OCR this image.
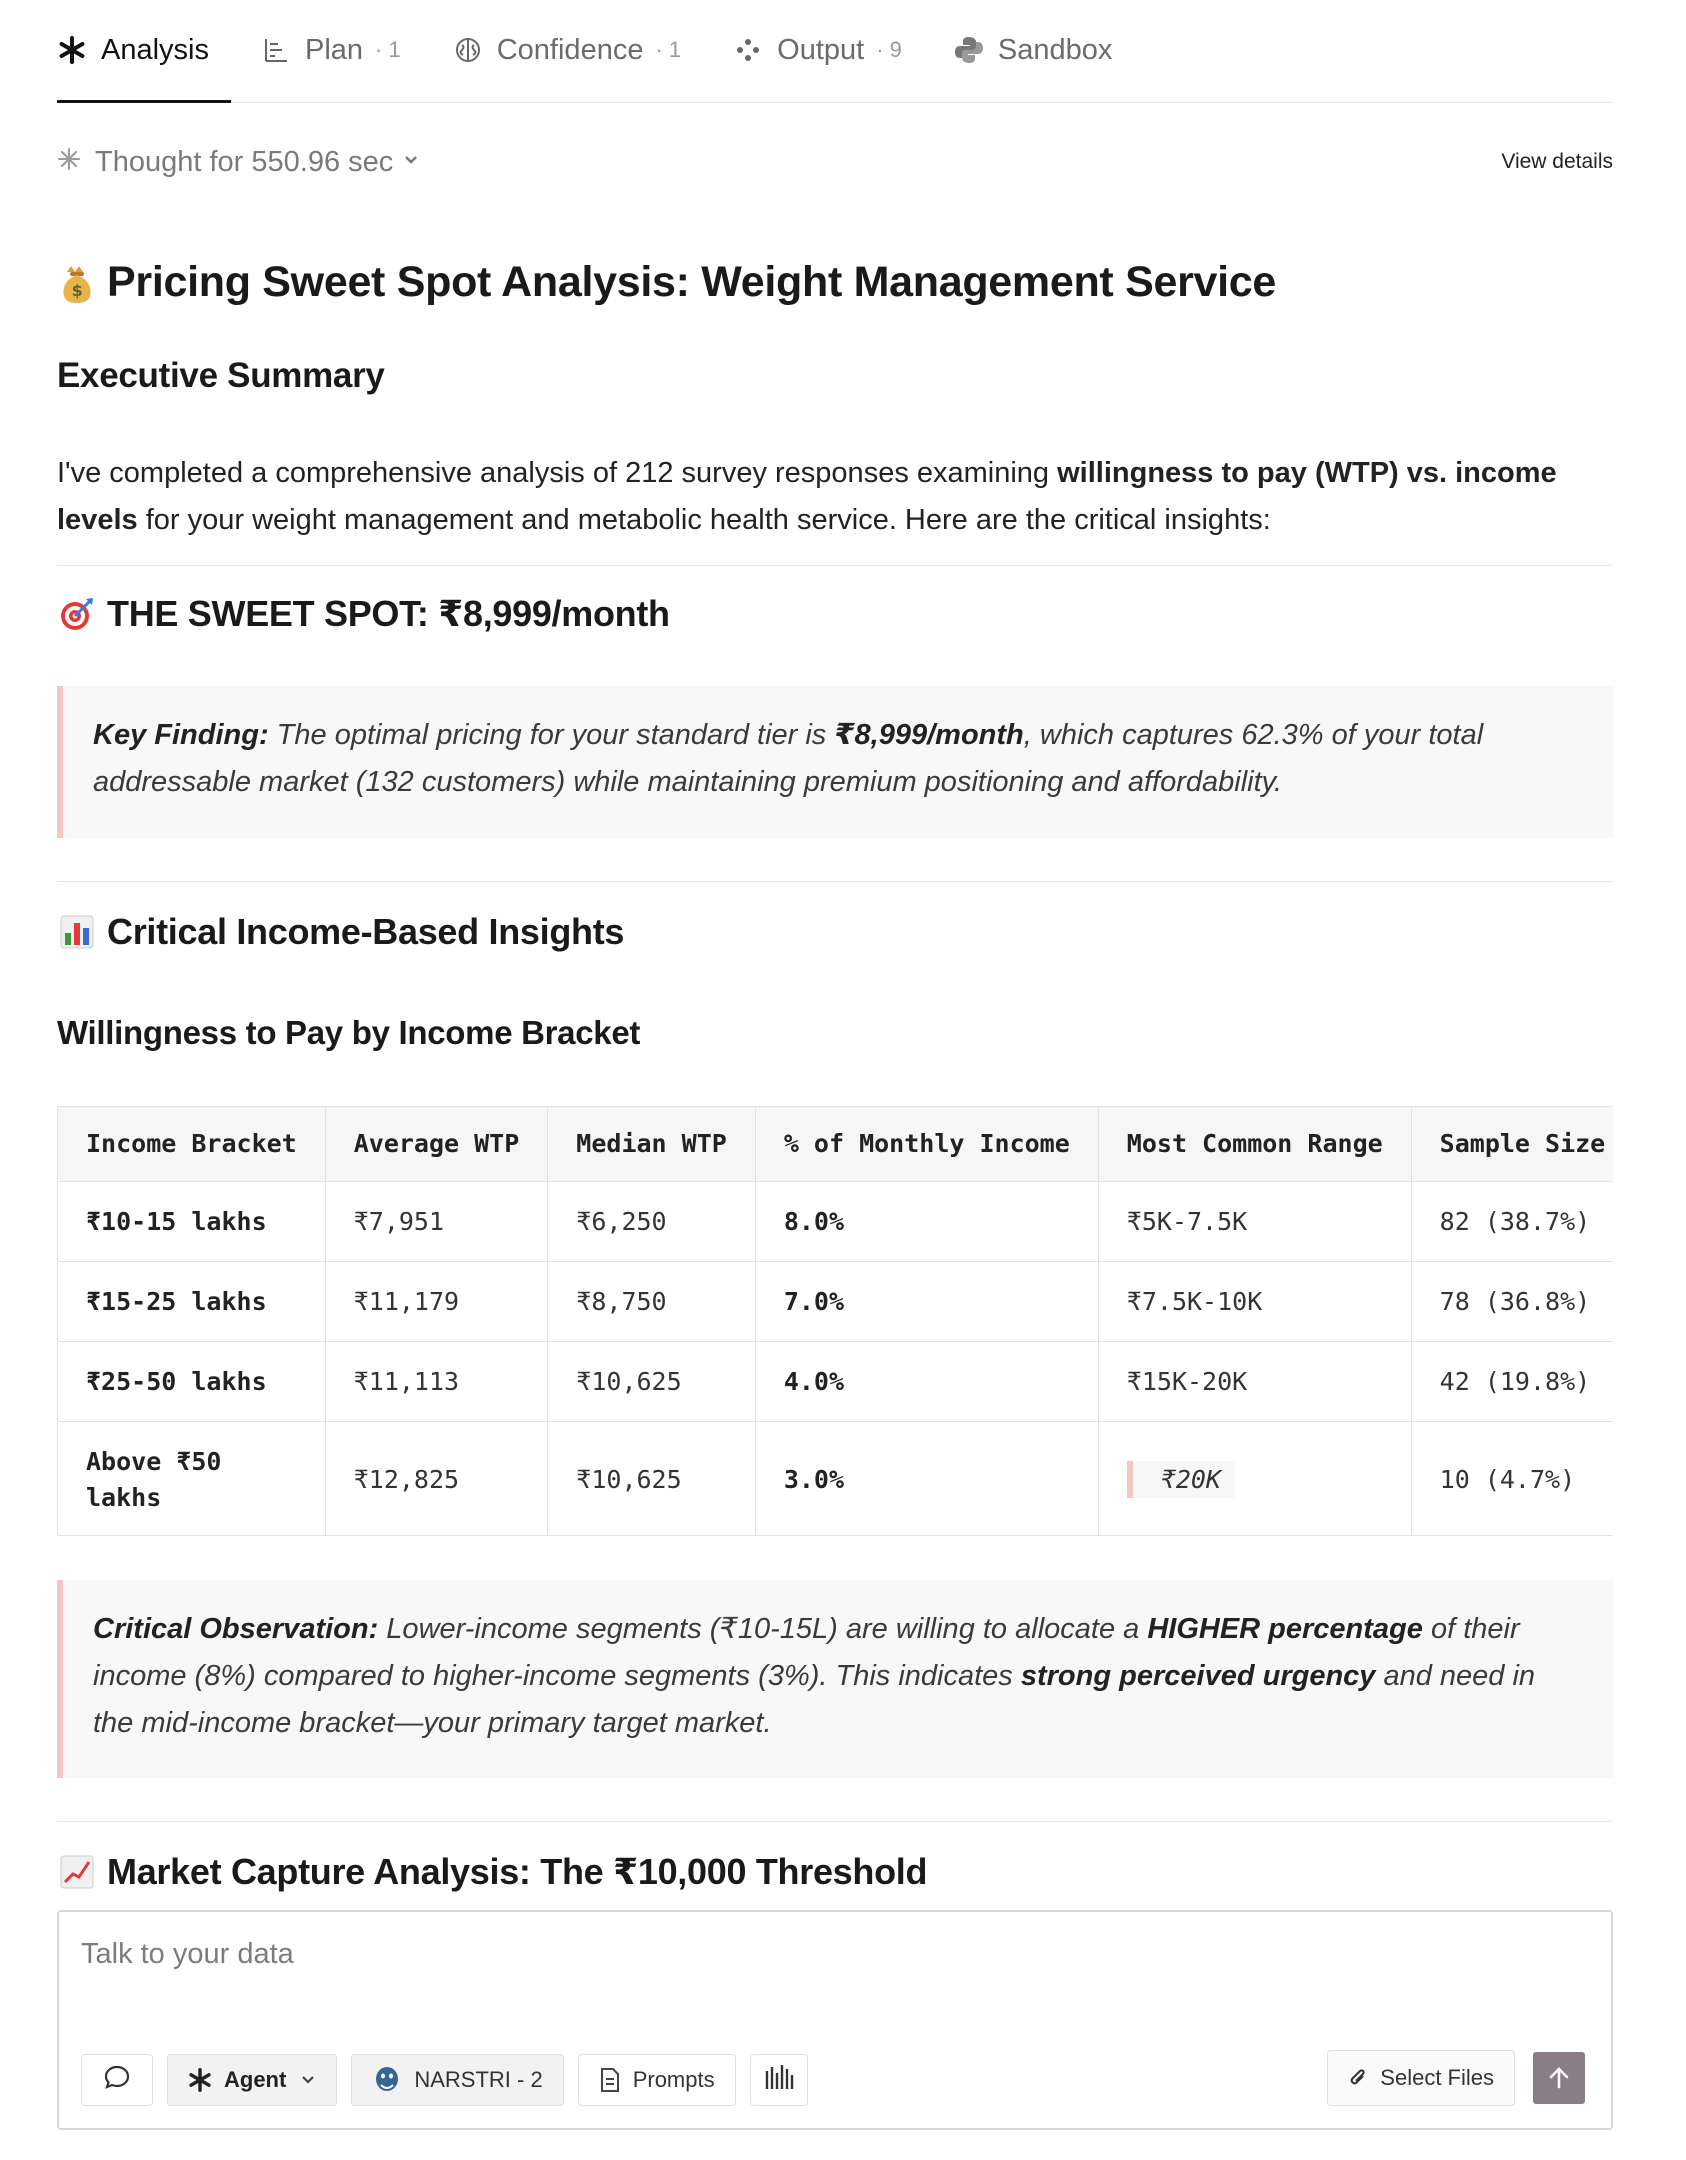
Analysis	Plan · 1	Confidence · 1	Output · 9	Sandbox
Thought for 550.96 sec	View details
$ Pricing Sweet Spot Analysis: Weight Management Service
Executive Summary

I've completed a comprehensive analysis of 212 survey responses examining willingness to pay (WTP) vs. income levels for your weight management and metabolic health service. Here are the critical insights:

THE SWEET SPOT: ₹8,999/month
Key Finding: The optimal pricing for your standard tier is ₹8,999/month, which captures 62.3% of your total addressable market (132 customers) while maintaining premium positioning and affordability.
Critical Income-Based Insights
Willingness to Pay by Income Bracket
Income Bracket	Average WTP	Median WTP	% of Monthly Income	Most Common Range	Sample Size
₹10-15 lakhs	₹7,951	₹6,250	8.0%	₹5K-7.5K	82 (38.7%)
₹15-25 lakhs	₹11,179	₹8,750	7.0%	₹7.5K-10K	78 (36.8%)
₹25-50 lakhs	₹11,113	₹10,625	4.0%	₹15K-20K	42 (19.8%)
Above ₹50 lakhs	₹12,825	₹10,625	3.0%	₹20K	10 (4.7%)
Critical Observation: Lower-income segments (₹10-15L) are willing to allocate a HIGHER percentage of their income (8%) compared to higher-income segments (3%). This indicates strong perceived urgency and need in the mid-income bracket—your primary target market.
Market Capture Analysis: The ₹10,000 Threshold
Talk to your data
Agent	NARSTRI - 2	Prompts	Select Files
